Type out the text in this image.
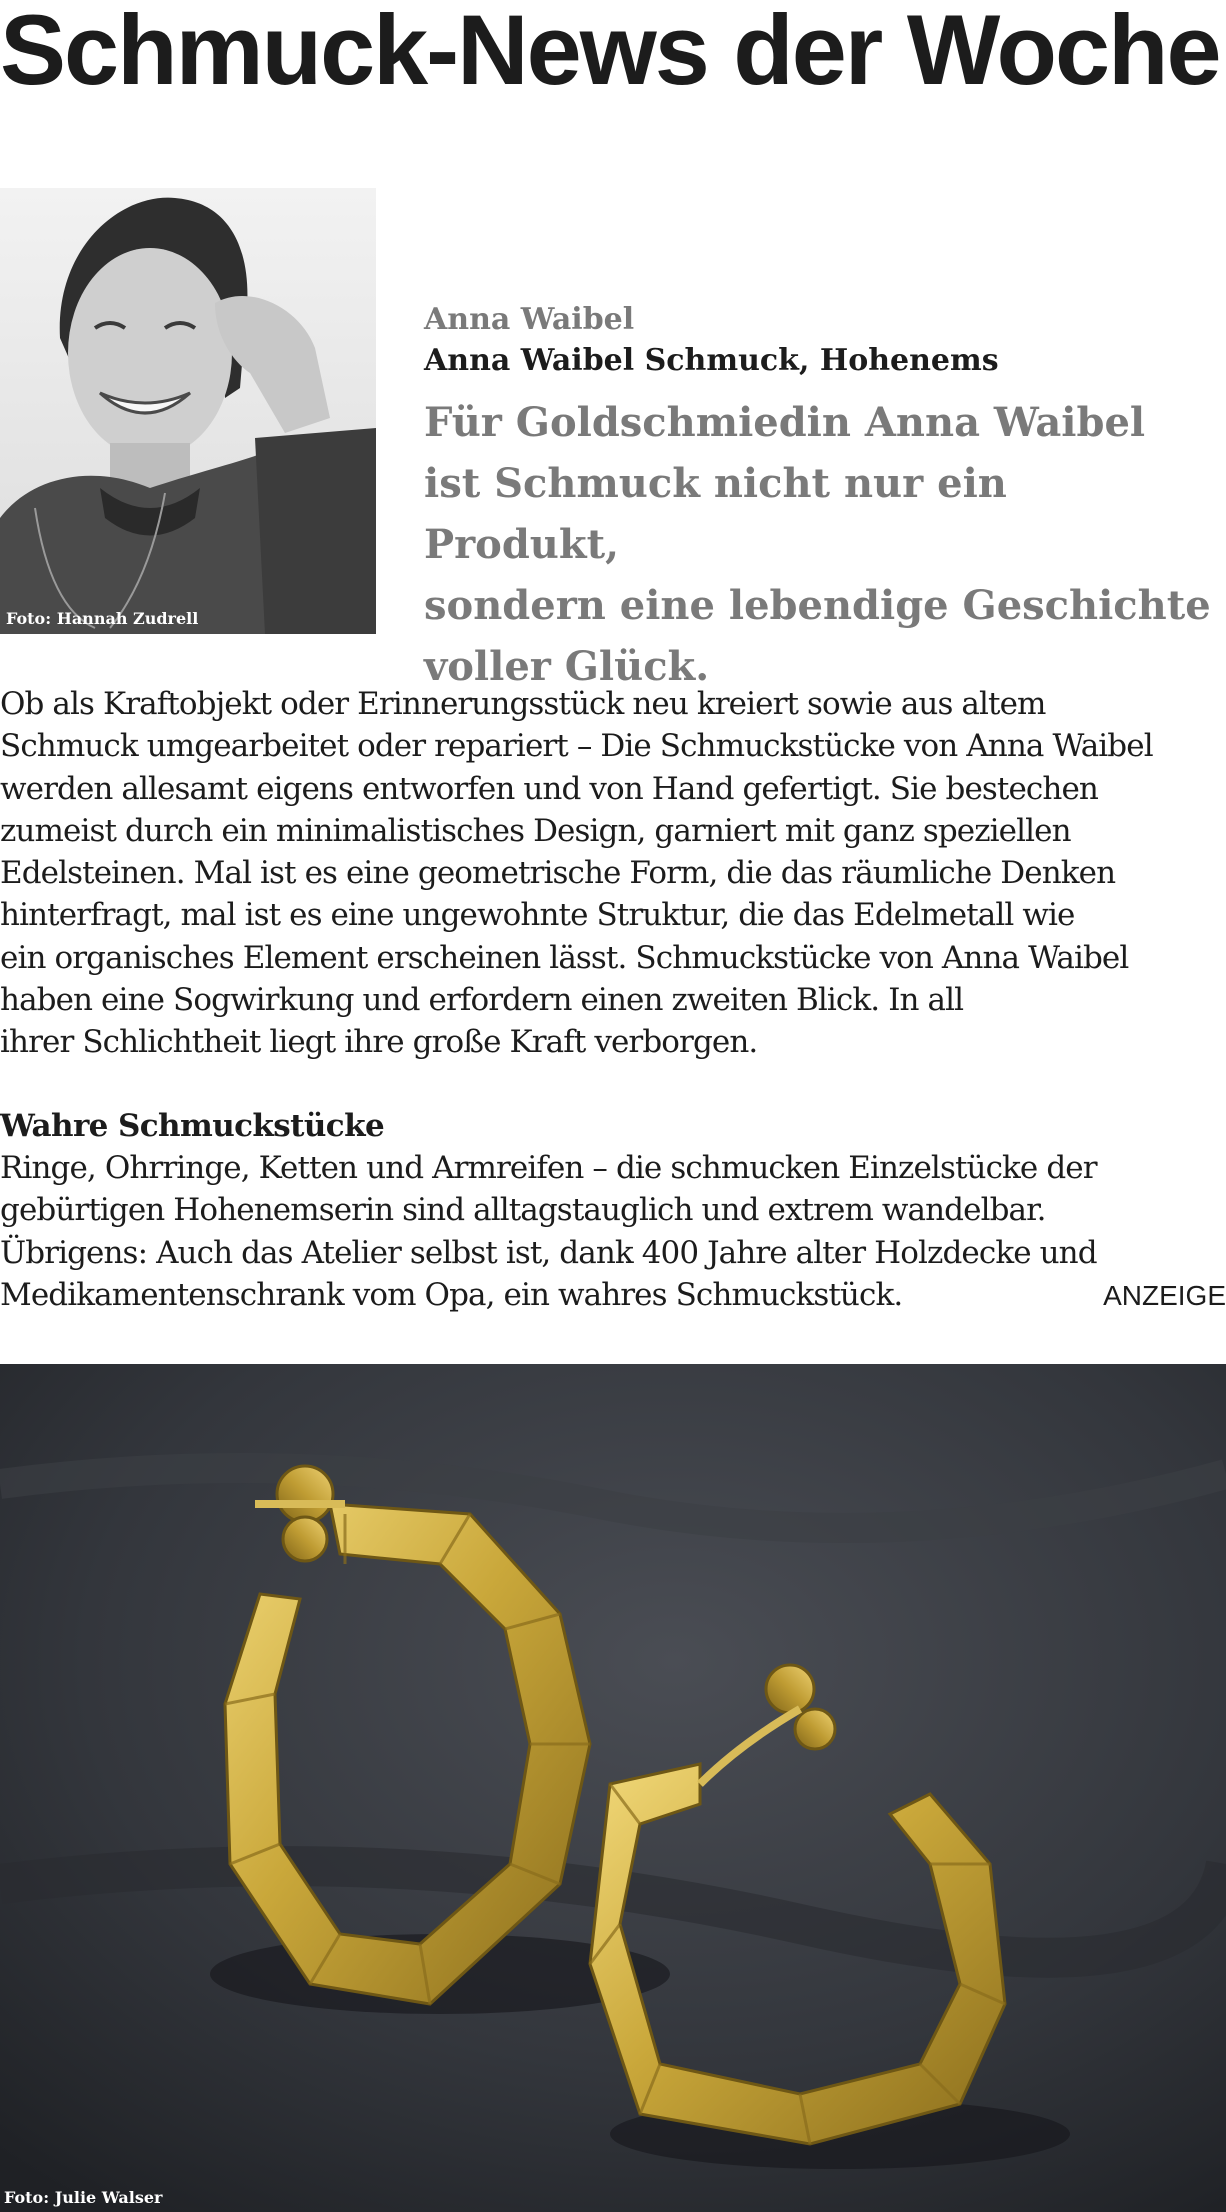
Schmuck-News der Woche
Foto: Hannah Zudrell
Anna Waibel
Anna Waibel Schmuck, Hohenems
Für Goldschmiedin Anna Waibel
ist Schmuck nicht nur ein Produkt,
sondern eine lebendige Geschichte
voller Glück.
Ob als Kraftobjekt oder Erinnerungsstück neu kreiert sowie aus altem
Schmuck umgearbeitet oder repariert – Die Schmuckstücke von Anna Waibel
werden allesamt eigens entworfen und von Hand gefertigt. Sie bestechen
zumeist durch ein minimalistisches Design, garniert mit ganz speziellen
Edelsteinen. Mal ist es eine geometrische Form, die das räumliche Denken
hinterfragt, mal ist es eine ungewohnte Struktur, die das Edelmetall wie
ein organisches Element erscheinen lässt. Schmuckstücke von Anna Waibel
haben eine Sogwirkung und erfordern einen zweiten Blick. In all
ihrer Schlichtheit liegt ihre große Kraft verborgen.
Wahre Schmuckstücke
Ringe, Ohrringe, Ketten und Armreifen – die schmucken Einzelstücke der
gebürtigen Hohenemserin sind alltagstauglich und extrem wandelbar.
Übrigens: Auch das Atelier selbst ist, dank 400 Jahre alter Holzdecke und
Medikamentenschrank vom Opa, ein wahres Schmuckstück.	ANZEIGE
Foto: Julie Walser
